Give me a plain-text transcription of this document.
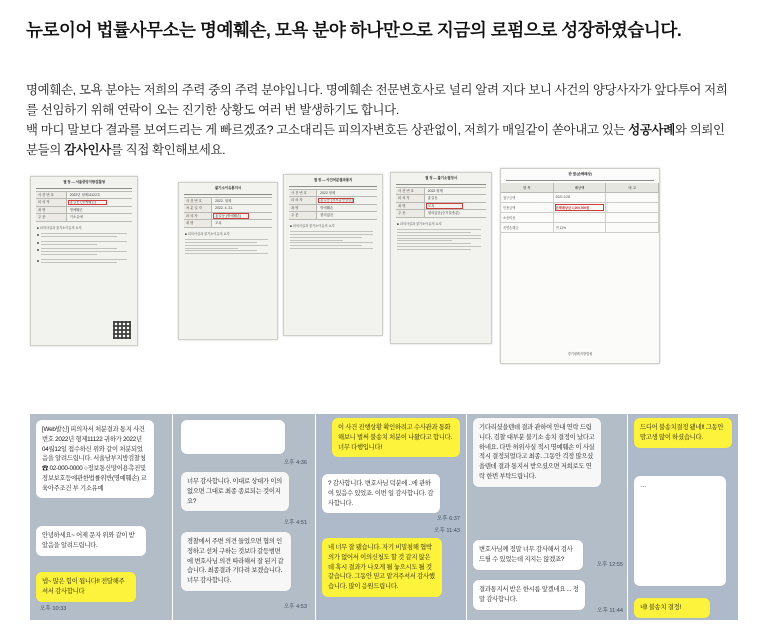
뉴로이어 법률사무소는 명예훼손, 모욕 분야 하나만으로 지금의 로펌으로 성장하였습니다.
명예훼손, 모욕 분야는 저희의 주력 중의 주력 분야입니다. 명예훼손 전문변호사로 널리 알려 지다 보니 사건의 양당사자가 앞다투어 저희를 선임하기 위해 연락이 오는 진기한 상황도 여러 번 발생하기도 합니다.
백 마디 말보다 결과를 보여드리는 게 빠르겠죠? 고소대리든 피의자변호든 상관없이, 저희가 매일같이 쏟아내고 있는 성공사례와 의뢰인분들의 감사인사를 직접 확인해보세요.
결 정 — 서울중앙지방검찰청
사 건 번 호	2022년 형제11122호
피 의 자	홍길동 (명예훼손)
죄 명	명예훼손
주 문	기소유예
■ 피의사실과 불기소이유의 요지
불기소이유통지서
사 건 번 호	2022. 형제
처 분 일 자	2022. 4. 21.
피 의 자	홍길동 (명예훼손)
죄 명	모욕
■ 피의사실과 불기소이유의 요지
결 정 — 사건처분결과통지
사 건 번 호	2022 형제
피 의 자	홍길동 (정보통신망법)
죄 명	명예훼손
주 문	혐의없음
■ 피의사실과 불기소이유의 요지
결 정 — 불기소결정서
사 건 번 호	2022 형제
피 의 자	홍길동
죄 명	모욕
주 문	혐의없음(증거불충분)
■ 피의사실과 불기소이유의 요지
판 결 (손해배상)
항 목	배상액	비 고
청구금액	2021.9.28
인용금액	손해배상금 1,000,000원
소송비용
지연손해금	연 12%
경기평택지방법원
[Web발신] 피의자서 처분결과 통지 사건번호 2022년 형제11122 귀하가 2022년04월12일 접수하신 위와 같이 처분되었음을 알려드립니다. 서울남부지방검찰청 ☎ 02-000-0000 ○정보통신망이용촉진및정보보호등에관한법률위반(명예훼손) 교육아주조건 부 기소유예
안녕하세요~ 어제 문자 위와 같이 받았음을 알려드립니다.
넵~ 많은 힘이 됩니다!! 전달해주셔서 감사합니다
오후 10:33
오후 4:36
너무 감사합니다. 이대로 상대가 이의 없으면 그대로 최종 종료되는 것이지요?
오후 4:51
경찰에서 주변 의견 들었으면 협의 인정하고 선처 구하는 것보다 갈등범면에 변호사님 의견 따라해서 잘 된거 같습니다. 최종결과 기다려 보겠습니다. 너무 감사합니다.
오후 4:53
이 사건 진행상황 확인하려고 수사관과 통화해보니 벌써 불송치 처분이 나왔다고 합니다. 너무 다행입니다!
? 감사합니다. 변호사님 덕분에 ..에 관하여 있음수 있었죠. 이번 일 감사합니다. 감사합니다.
오후 6:37
네 너무 잘 됐습니다. 자기 비밀침해 협박의가 없어서 이의신청도 할 것 같지 않은데 혹시 결과가 나오게 될 놓으시도 될 것 같습니다. 그동안 믿고 맡겨주셔서 감사했습니다. 많이 응원드립니다.
오후 11:43
기다리셨을텐데 결과 관하여 안내 연락 드립니다. 검찰 대부분 불기소 송치 결정이 났다고 하네요. 다만 허위사실 적시 명예훼손 이 사실 적시 결정되었다고 최종. 그동안 걱정 많으셨을텐데 결과 통지서 받으셨으면 저희로도 연락 한번 부탁드립니다.
변호사님께 정말 너무 감사해서 검사 드릴 수 있었는데 지지는 않겠죠?
오후 12:55
결과통지서 받은 한시름 앞겠네요 ... 정말 감사합니다.
오후 11:44
드디어 불송치결정 됐네!! 그동안 맘고생 많이 하셨습니다.
…
네! 불송치 결정!
